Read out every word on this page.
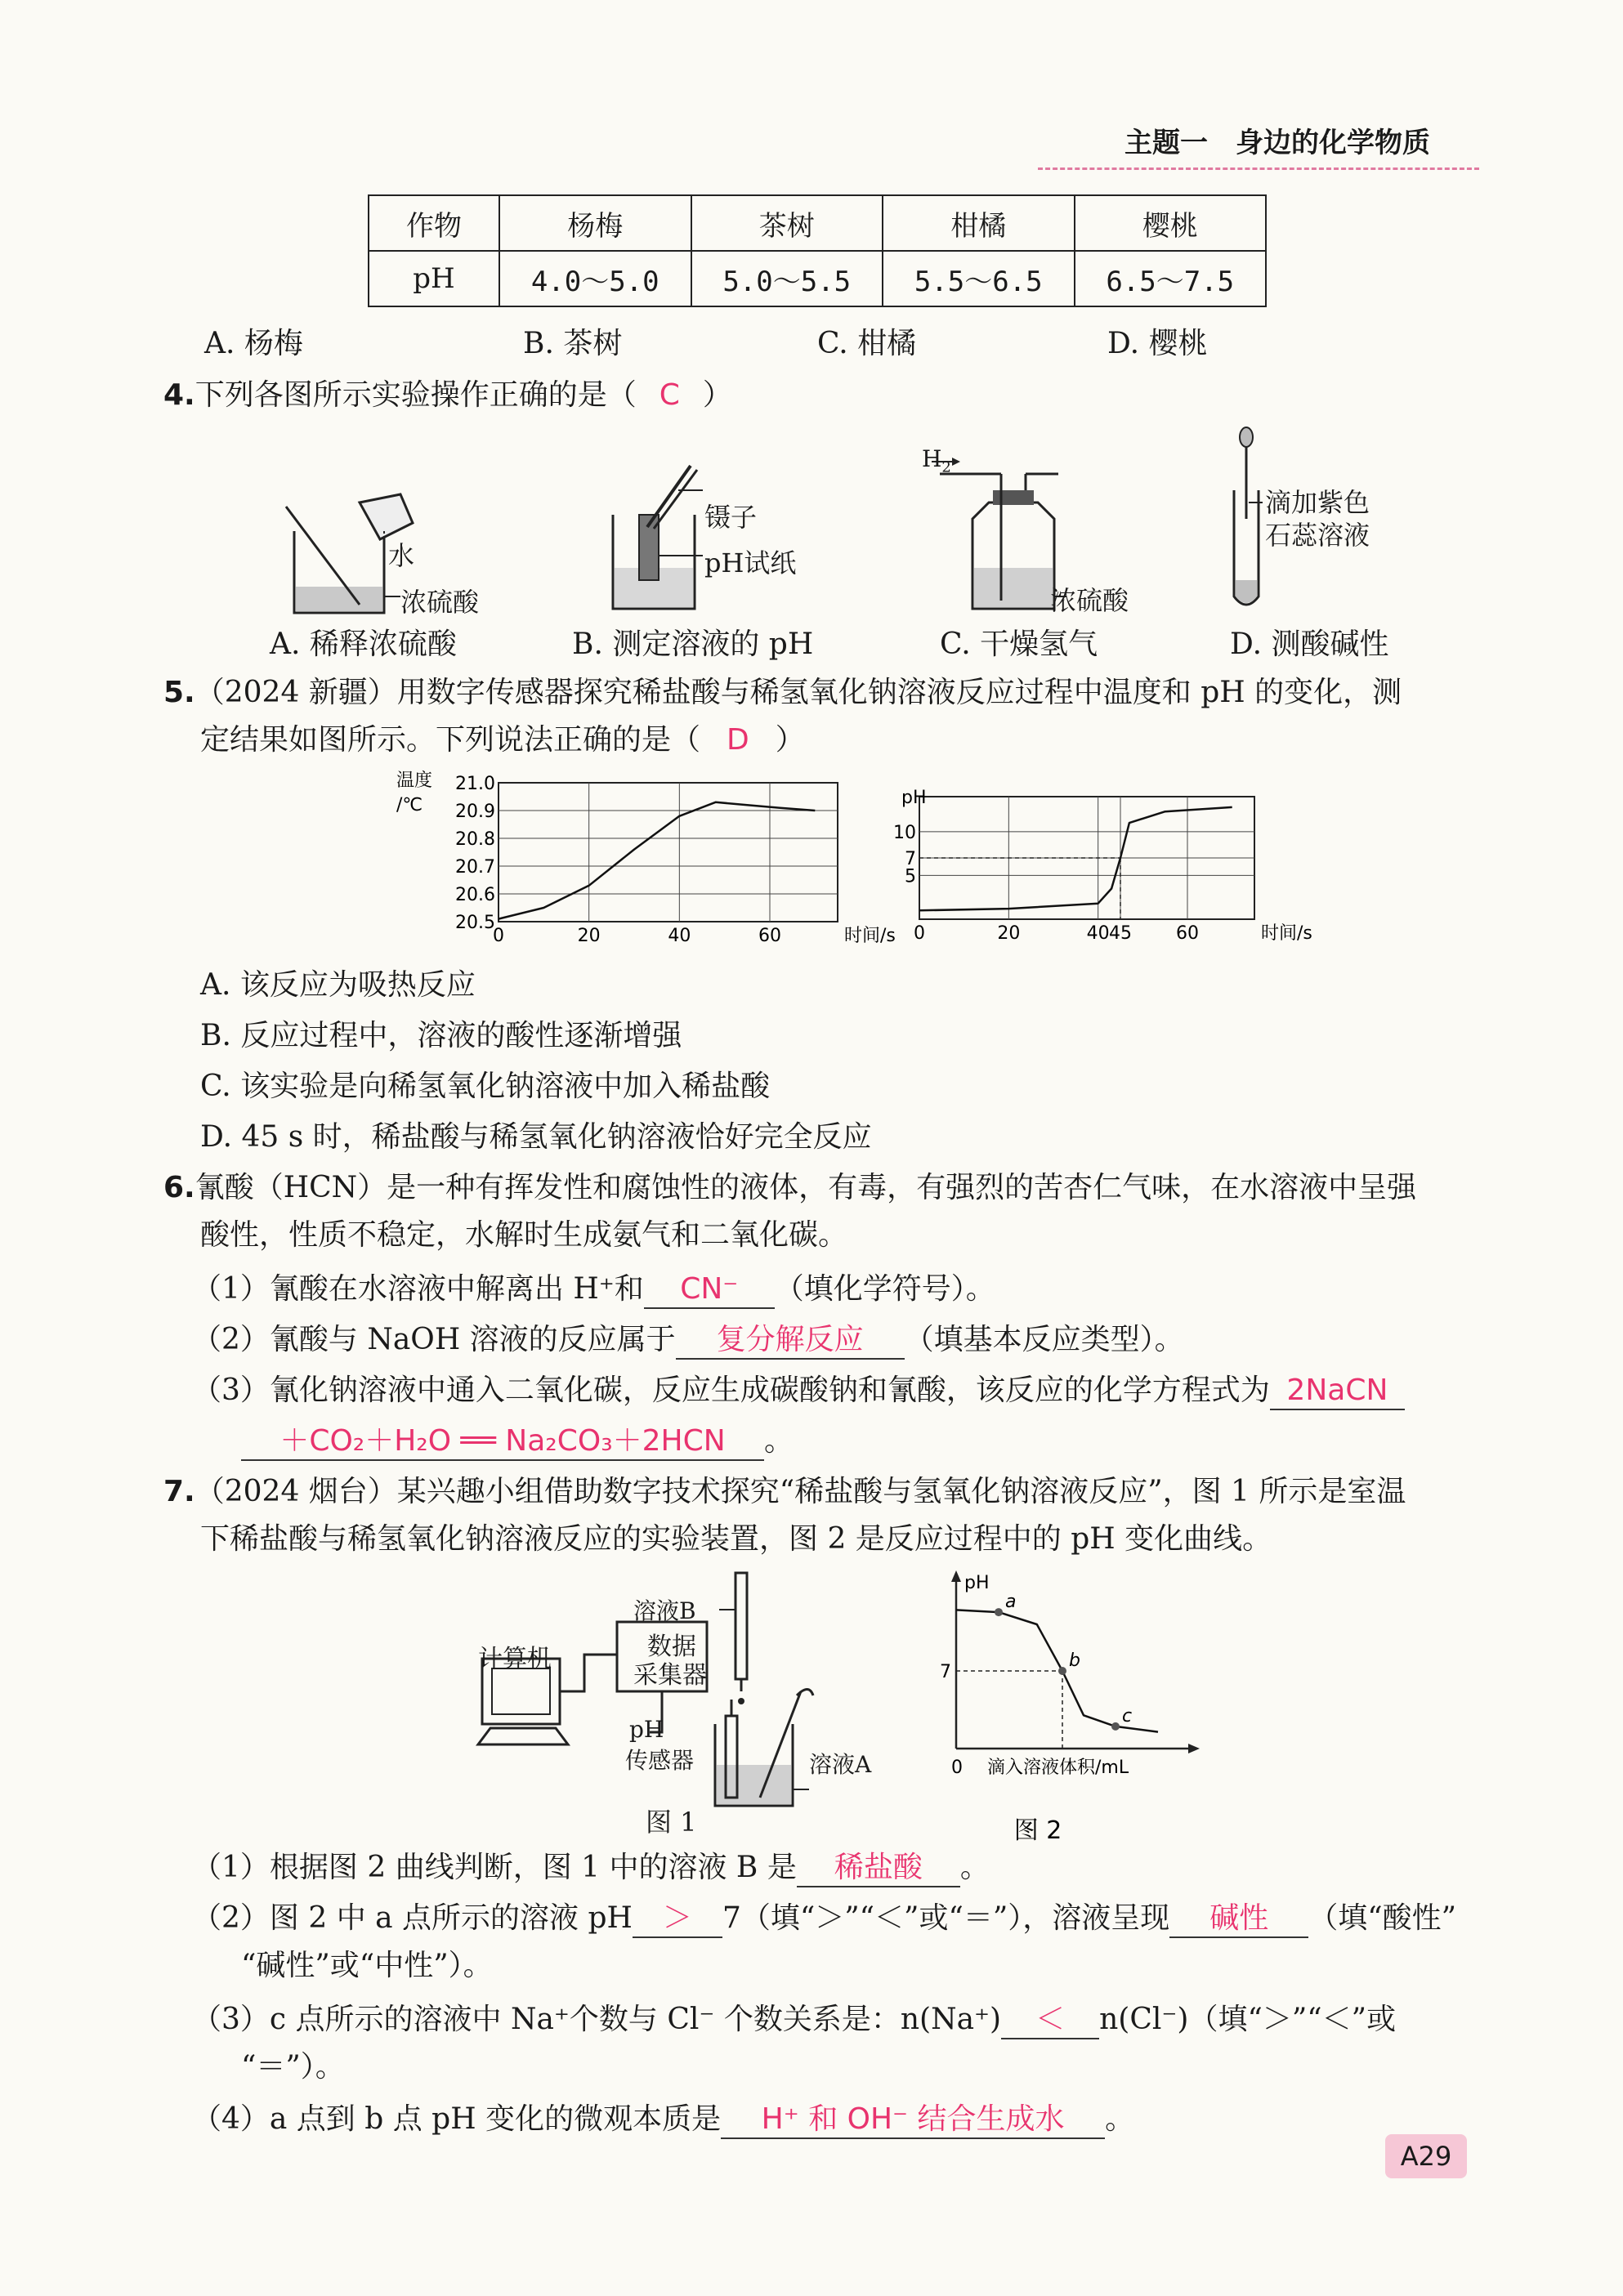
主题一　身边的化学物质
作物	杨梅	茶树	柑橘	樱桃
pH	4.0～5.0	5.0～5.5	5.5～6.5	6.5～7.5
A. 杨梅	B. 茶树	C. 柑橘	D. 樱桃
4.下列各图所示实验操作正确的是（ C ）
水
浓硫酸
A. 稀释浓硫酸
镊子
pH试纸
B. 测定溶液的 pH
$H_2$
浓硫酸
C. 干燥氢气
滴加紫色
石蕊溶液
D. 测酸碱性
5.（2024 新疆）用数字传感器探究稀盐酸与稀氢氧化钠溶液反应过程中温度和 pH 的变化，测
定结果如图所示。下列说法正确的是（ D ）
0	20	40	60
20.5
20.6
20.7
20.8
20.9
21.0
时间/s
温度
/℃
0	20	40 45 60
5
7
10
时间/s
pH
A. 该反应为吸热反应
B. 反应过程中，溶液的酸性逐渐增强
C. 该实验是向稀氢氧化钠溶液中加入稀盐酸
D. 45 s 时，稀盐酸与稀氢氧化钠溶液恰好完全反应
6.氰酸（HCN）是一种有挥发性和腐蚀性的液体，有毒，有强烈的苦杏仁气味，在水溶液中呈强
酸性，性质不稳定，水解时生成氨气和二氧化碳。
（1）氰酸在水溶液中解离出 H⁺和 CN⁻ （填化学符号）。
（2）氰酸与 NaOH 溶液的反应属于 复分解反应 （填基本反应类型）。
（3）氰化钠溶液中通入二氧化碳，反应生成碳酸钠和氰酸，该反应的化学方程式为 2NaCN
＋CO₂＋H₂O ══ Na₂CO₃＋2HCN 。
7.（2024 烟台）某兴趣小组借助数字技术探究“稀盐酸与氢氧化钠溶液反应”，图 1 所示是室温
下稀盐酸与稀氢氧化钠溶液反应的实验装置，图 2 是反应过程中的 pH 变化曲线。
计算机	数据
采集器
溶液B
pH
传感器	溶液A
图 1
pH
7
0 滴入溶液体积/mL
a
b
c
图 2
（1）根据图 2 曲线判断，图 1 中的溶液 B 是 稀盐酸 。
（2）图 2 中 a 点所示的溶液 pH ＞ 7（填“＞”“＜”或“＝”），溶液呈现 碱性 （填“酸性”
“碱性”或“中性”）。
（3）c 点所示的溶液中 Na⁺个数与 Cl⁻ 个数关系是：n(Na⁺) ＜ n(Cl⁻)（填“＞”“＜”或
“＝”）。
（4）a 点到 b 点 pH 变化的微观本质是 H⁺ 和 OH⁻ 结合生成水 。
A29
